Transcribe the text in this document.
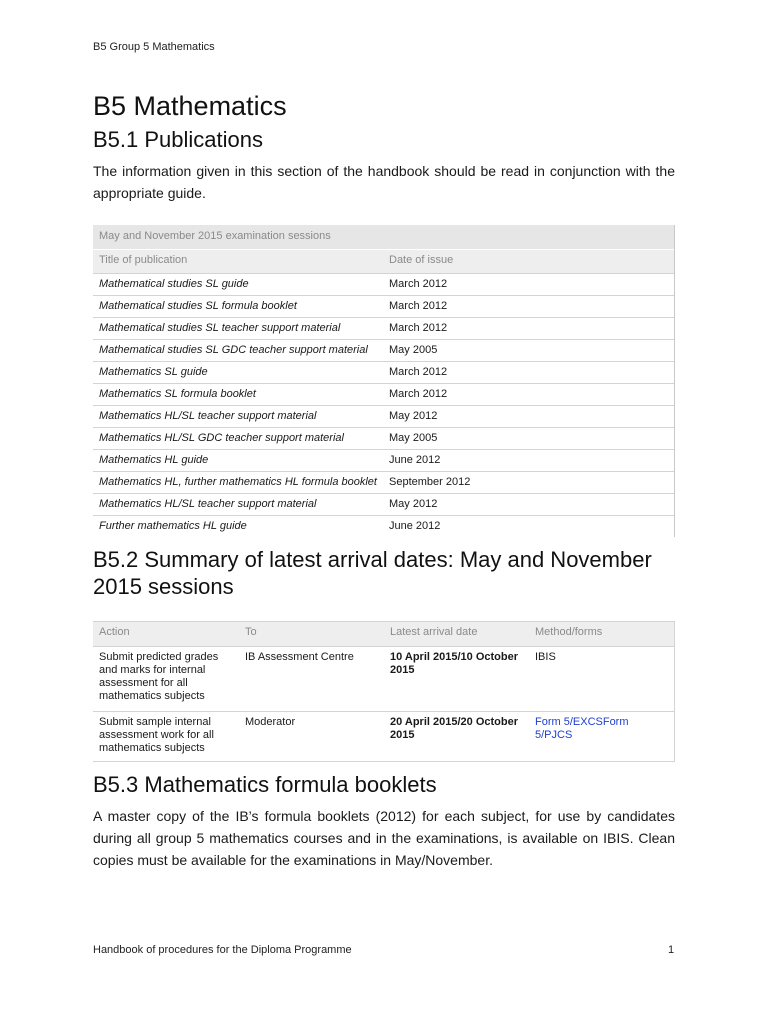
B5 Group 5 Mathematics
B5 Mathematics
B5.1 Publications

The information given in this section of the handbook should be read in conjunction with the appropriate guide.

May and November 2015 examination sessions	
Title of publication	Date of issue
Mathematical studies SL guide	March 2012
Mathematical studies SL formula booklet	March 2012
Mathematical studies SL teacher support material	March 2012
Mathematical studies SL GDC teacher support material	May 2005
Mathematics SL guide	March 2012
Mathematics SL formula booklet	March 2012
Mathematics HL/SL teacher support material	May 2012
Mathematics HL/SL GDC teacher support material	May 2005
Mathematics HL guide	June 2012
Mathematics HL, further mathematics HL formula booklet	September 2012
Mathematics HL/SL teacher support material	May 2012
Further mathematics HL guide	June 2012
B5.2 Summary of latest arrival dates: May and November 2015 sessions
Action	To	Latest arrival date	Method/forms
Submit predicted grades and marks for internal assessment for all mathematics subjects	IB Assessment Centre	10 April 2015/10 October 2015	IBIS
Submit sample internal assessment work for all mathematics subjects	Moderator	20 April 2015/20 October 2015	Form 5/EXCSForm 5/PJCS
B5.3 Mathematics formula booklets

A master copy of the IB’s formula booklets (2012) for each subject, for use by candidates during all group 5 mathematics courses and in the examinations, is available on IBIS. Clean copies must be available for the examinations in May/November.

Handbook of procedures for the Diploma Programme	1
